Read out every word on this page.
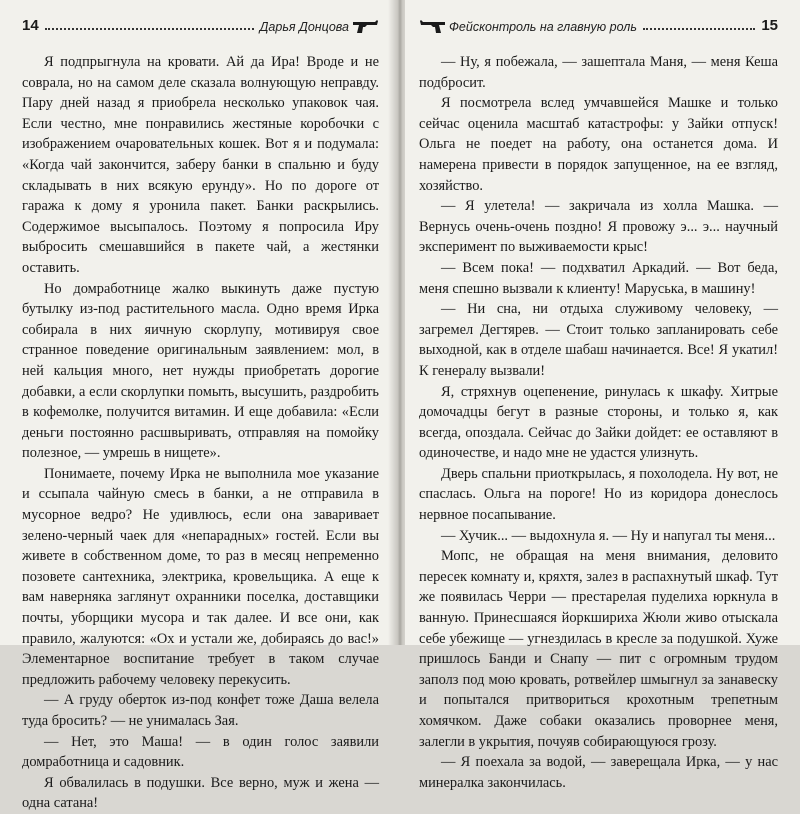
14	Дарья Донцова

Я подпрыгнула на кровати. Ай да Ира! Вроде и не соврала, но на самом деле сказала волнующую неправду. Пару дней назад я приобрела несколько упаковок чая. Если честно, мне понравились жестяные коробочки с изображением очаровательных кошек. Вот я и подумала: «Когда чай закончится, заберу банки в спальню и буду складывать в них всякую ерунду». Но по дороге от гаража к дому я уронила пакет. Банки раскрылись. Содержимое высыпалось. Поэтому я попросила Иру выбросить смешавшийся в пакете чай, а жестянки оставить.

Но домработнице жалко выкинуть даже пустую бутылку из-под растительного масла. Одно время Ирка собирала в них яичную скорлупу, мотивируя свое странное поведение оригинальным заявлением: мол, в ней кальция много, нет нужды приобретать дорогие добавки, а если скорлупки помыть, высушить, раздробить в кофемолке, получится витамин. И еще добавила: «Если деньги постоянно расшвыривать, отправляя на помойку полезное, — умрешь в нищете».

Понимаете, почему Ирка не выполнила мое указание и ссыпала чайную смесь в банки, а не отправила в мусорное ведро? Не удивлюсь, если она заваривает зелено-черный чаек для «непарадных» гостей. Если вы живете в собственном доме, то раз в месяц непременно позовете сантехника, электрика, кровельщика. А еще к вам наверняка заглянут охранники поселка, доставщики почты, уборщики мусора и так далее. И все они, как правило, жалуются: «Ох и устали же, добираясь до вас!» Элементарное воспитание требует в таком случае предложить рабочему человеку перекусить.

— А груду оберток из-под конфет тоже Даша велела туда бросить? — не унималась Зая.

— Нет, это Маша! — в один голос заявили домработница и садовник.

Я обвалилась в подушки. Все верно, муж и жена — одна сатана!

Фейсконтроль на главную роль	15

— Ну, я побежала, — зашептала Маня, — меня Кеша подбросит.

Я посмотрела вслед умчавшейся Машке и только сейчас оценила масштаб катастрофы: у Зайки отпуск! Ольга не поедет на работу, она останется дома. И намерена привести в порядок запущенное, на ее взгляд, хозяйство.

— Я улетела! — закричала из холла Машка. — Вернусь очень-очень поздно! Я провожу э... э... научный эксперимент по выживаемости крыс!

— Всем пока! — подхватил Аркадий. — Вот беда, меня спешно вызвали к клиенту! Маруська, в машину!

— Ни сна, ни отдыха служивому человеку, — загремел Дегтярев. — Стоит только запланировать себе выходной, как в отделе шабаш начинается. Все! Я укатил! К генералу вызвали!

Я, стряхнув оцепенение, ринулась к шкафу. Хитрые домочадцы бегут в разные стороны, и только я, как всегда, опоздала. Сейчас до Зайки дойдет: ее оставляют в одиночестве, и надо мне не удастся улизнуть.

Дверь спальни приоткрылась, я похолодела. Ну вот, не спаслась. Ольга на пороге! Но из коридора донеслось нервное посапывание.

— Хучик... — выдохнула я. — Ну и напугал ты меня...

Мопс, не обращая на меня внимания, деловито пересек комнату и, кряхтя, залез в распахнутый шкаф. Тут же появилась Черри — престарелая пуделиха юркнула в ванную. Принесшаяся йоркшириха Жюли живо отыскала себе убежище — угнездилась в кресле за подушкой. Хуже пришлось Банди и Снапу — пит с огромным трудом заполз под мою кровать, ротвейлер шмыгнул за занавеску и попытался притвориться крохотным трепетным хомячком. Даже собаки оказались проворнее меня, залегли в укрытия, почуяв собирающуюся грозу.

— Я поехала за водой, — заверещала Ирка, — у нас минералка закончилась.
